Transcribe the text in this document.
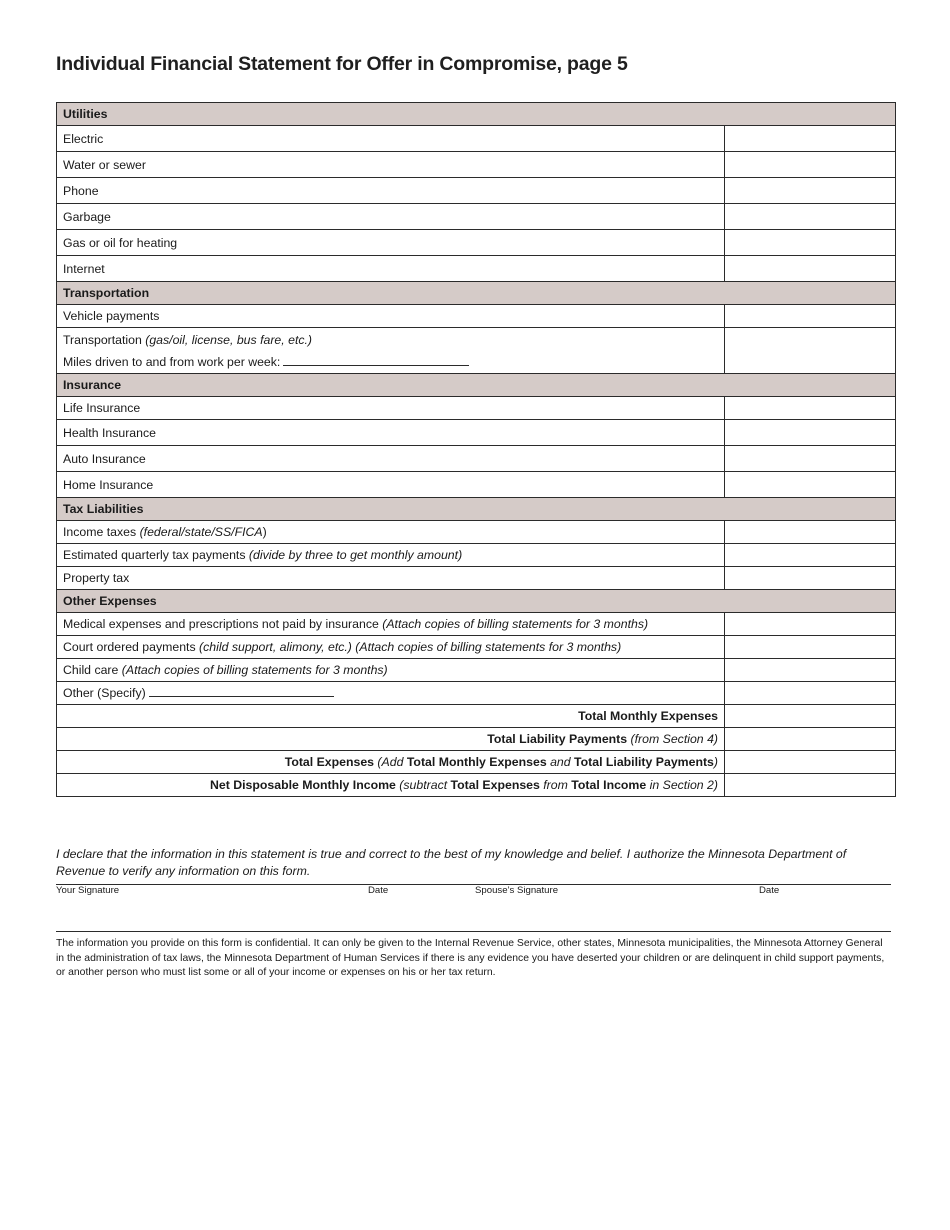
Individual Financial Statement for Offer in Compromise, page 5
Utilities	
Electric	
Water or sewer	
Phone	
Garbage	
Gas or oil for heating	
Internet	
Transportation	
Vehicle payments	
Transportation (gas/oil, license, bus fare, etc.)
Miles driven to and from work per week:	

Insurance	
Life Insurance	
Health Insurance	
Auto Insurance	
Home Insurance	
Tax Liabilities	
Income taxes (federal/state/SS/FICA)	
Estimated quarterly tax payments (divide by three to get monthly amount)	
Property tax	
Other Expenses	
Medical expenses and prescriptions not paid by insurance (Attach copies of billing statements for 3 months)	
Court ordered payments (child support, alimony, etc.) (Attach copies of billing statements for 3 months)	
Child care (Attach copies of billing statements for 3 months)	
Other (Specify)	
Total Monthly Expenses	
Total Liability Payments (from Section 4)	
Total Expenses (Add Total Monthly Expenses and Total Liability Payments)	
Net Disposable Monthly Income (subtract Total Expenses from Total Income in Section 2)	

I declare that the information in this statement is true and correct to the best of my knowledge and belief. I authorize the Minnesota Department of Revenue to verify any information on this form.

Your Signature	Date	Spouse’s Signature	Date

The information you provide on this form is confidential. It can only be given to the Internal Revenue Service, other states, Minnesota municipalities, the Minnesota Attorney General in the administration of tax laws, the Minnesota Department of Human Services if there is any evidence you have deserted your children or are delinquent in child support payments, or another person who must list some or all of your income or expenses on his or her tax return.
